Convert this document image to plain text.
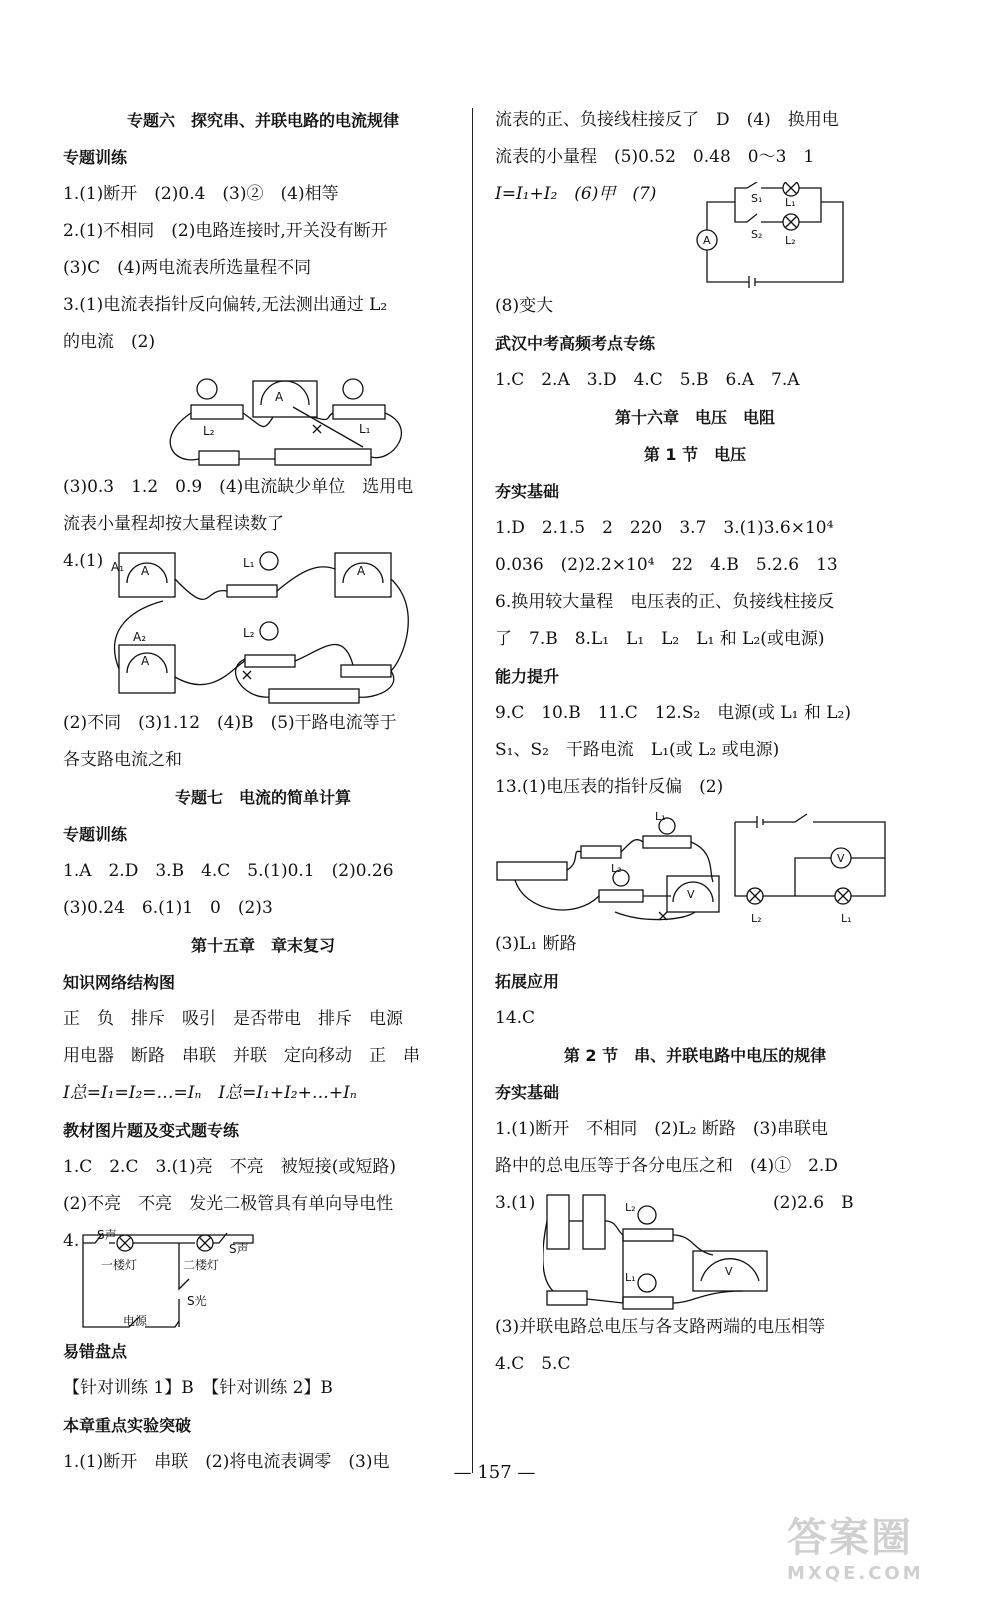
专题六　探究串、并联电路的电流规律
专题训练
1.(1)断开　(2)0.4　(3)②　(4)相等
2.(1)不相同　(2)电路连接时,开关没有断开
(3)C　(4)两电流表所选量程不同
3.(1)电流表指针反向偏转,无法测出通过 L₂
的电流　(2)
A
L₂	L₁
(3)0.3　1.2　0.9　(4)电流缺少单位　选用电
流表小量程却按大量程读数了
4.(1) A₁ A
L₁
A
A₂
A
L₂
(2)不同　(3)1.12　(4)B　(5)干路电流等于
各支路电流之和
专题七　电流的简单计算
专题训练
1.A　2.D　3.B　4.C　5.(1)0.1　(2)0.26
(3)0.24　6.(1)1　0　(2)3
第十五章　章末复习
知识网络结构图
正　负　排斥　吸引　是否带电　排斥　电源
用电器　断路　串联　并联　定向移动　正　串
I总=I₁=I₂=…=Iₙ　I总=I₁+I₂+…+Iₙ
教材图片题及变式题专练
1.C　2.C　3.(1)亮　不亮　被短接(或短路)
(2)不亮　不亮　发光二极管具有单向导电性
4. S声
S声
一楼灯	二楼灯
S光
电源
易错盘点
【针对训练 1】B　【针对训练 2】B
本章重点实验突破
1.(1)断开　串联　(2)将电流表调零　(3)电
流表的正、负接线柱接反了　D　(4)　换用电
流表的小量程　(5)0.52　0.48　0～3　1
I=I₁+I₂　(6)甲　(7)
A
S₁
S₂
L₁
L₂
(8)变大
武汉中考高频考点专练
1.C　2.A　3.D　4.C　5.B　6.A　7.A
第十六章　电压　电阻
第 1 节　电压
夯实基础
1.D　2.1.5　2　220　3.7　3.(1)3.6×10⁴
0.036　(2)2.2×10⁴　22　4.B　5.2.6　13
6.换用较大量程　电压表的正、负接线柱接反
了　7.B　8.L₁　L₁　L₂　L₁ 和 L₂(或电源)
能力提升
9.C　10.B　11.C　12.S₂　电源(或 L₁ 和 L₂)
S₁、S₂　干路电流　L₁(或 L₂ 或电源)
13.(1)电压表的指针反偏　(2)
L₁
L₂
V
V
L₂	L₁
(3)L₁ 断路
拓展应用
14.C
第 2 节　串、并联电路中电压的规律
夯实基础
1.(1)断开　不相同　(2)L₂ 断路　(3)串联电
路中的总电压等于各分电压之和　(4)①　2.D
3.(1)	L₂
L₁	V
(2)2.6　B
(3)并联电路总电压与各支路两端的电压相等
4.C　5.C
— 157 —
答案圈
MXQE.COM
